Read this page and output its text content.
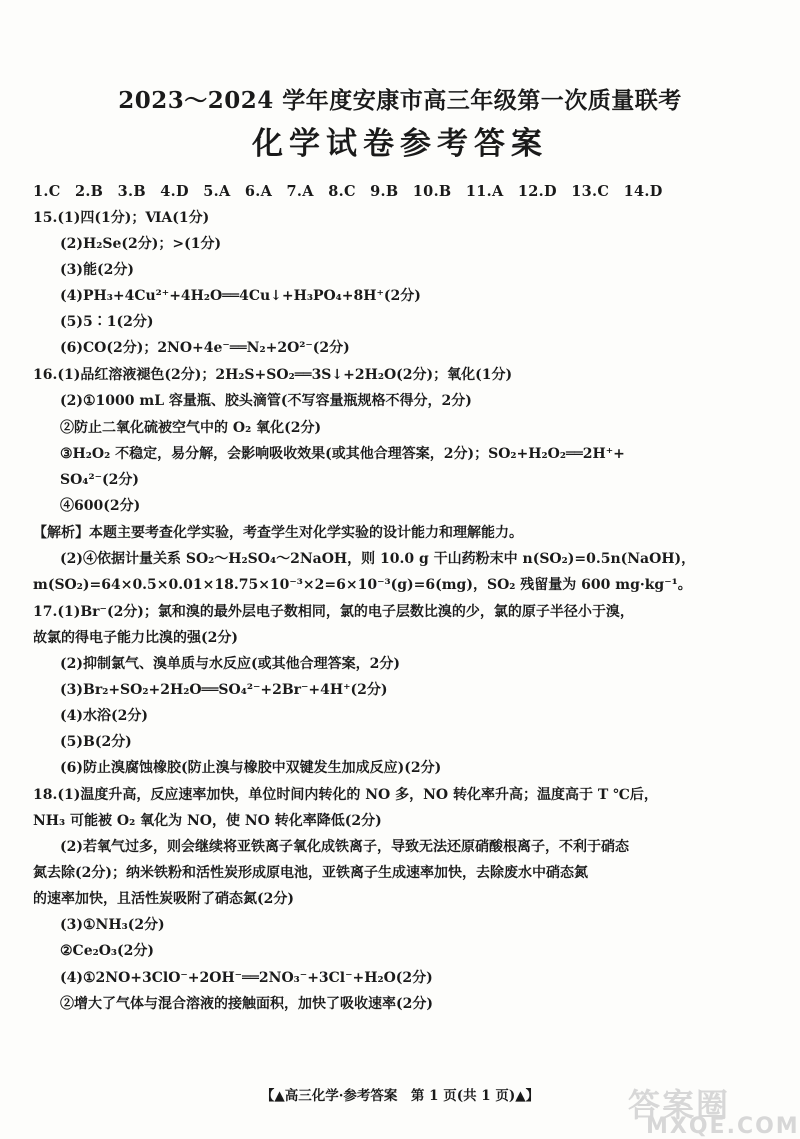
2023～2024 学年度安康市高三年级第一次质量联考
化学试卷参考答案
1.C 2.B 3.B 4.D 5.A 6.A 7.A 8.C 9.B 10.B 11.A 12.D 13.C 14.D
15.(1)四(1分)；ⅥA(1分)
(2)H₂Se(2分)；>(1分)
(3)能(2分)
(4)PH₃+4Cu²⁺+4H₂O══4Cu↓+H₃PO₄+8H⁺(2分)
(5)5∶1(2分)
(6)CO(2分)；2NO+4e⁻══N₂+2O²⁻(2分)
16.(1)品红溶液褪色(2分)；2H₂S+SO₂══3S↓+2H₂O(2分)；氧化(1分)
(2)①1000 mL 容量瓶、胶头滴管(不写容量瓶规格不得分，2分)
②防止二氧化硫被空气中的 O₂ 氧化(2分)
③H₂O₂ 不稳定，易分解，会影响吸收效果(或其他合理答案，2分)；SO₂+H₂O₂══2H⁺+
SO₄²⁻(2分)
④600(2分)
【解析】本题主要考查化学实验，考查学生对化学实验的设计能力和理解能力。
(2)④依据计量关系 SO₂～H₂SO₄～2NaOH，则 10.0 g 干山药粉末中 n(SO₂)=0.5n(NaOH)，
m(SO₂)=64×0.5×0.01×18.75×10⁻³×2=6×10⁻³(g)=6(mg)，SO₂ 残留量为 600 mg·kg⁻¹。
17.(1)Br⁻(2分)；氯和溴的最外层电子数相同，氯的电子层数比溴的少，氯的原子半径小于溴，
故氯的得电子能力比溴的强(2分)
(2)抑制氯气、溴单质与水反应(或其他合理答案，2分)
(3)Br₂+SO₂+2H₂O══SO₄²⁻+2Br⁻+4H⁺(2分)
(4)水浴(2分)
(5)B(2分)
(6)防止溴腐蚀橡胶(防止溴与橡胶中双键发生加成反应)(2分)
18.(1)温度升高，反应速率加快，单位时间内转化的 NO 多，NO 转化率升高；温度高于 T ℃后，
NH₃ 可能被 O₂ 氧化为 NO，使 NO 转化率降低(2分)
(2)若氧气过多，则会继续将亚铁离子氧化成铁离子，导致无法还原硝酸根离子，不利于硝态
氮去除(2分)；纳米铁粉和活性炭形成原电池，亚铁离子生成速率加快，去除废水中硝态氮
的速率加快，且活性炭吸附了硝态氮(2分)
(3)①NH₃(2分)
②Ce₂O₃(2分)
(4)①2NO+3ClO⁻+2OH⁻══2NO₃⁻+3Cl⁻+H₂O(2分)
②增大了气体与混合溶液的接触面积，加快了吸收速率(2分)
【▲高三化学·参考答案　第 1 页(共 1 页)▲】	答案圈
MXQE.COM
